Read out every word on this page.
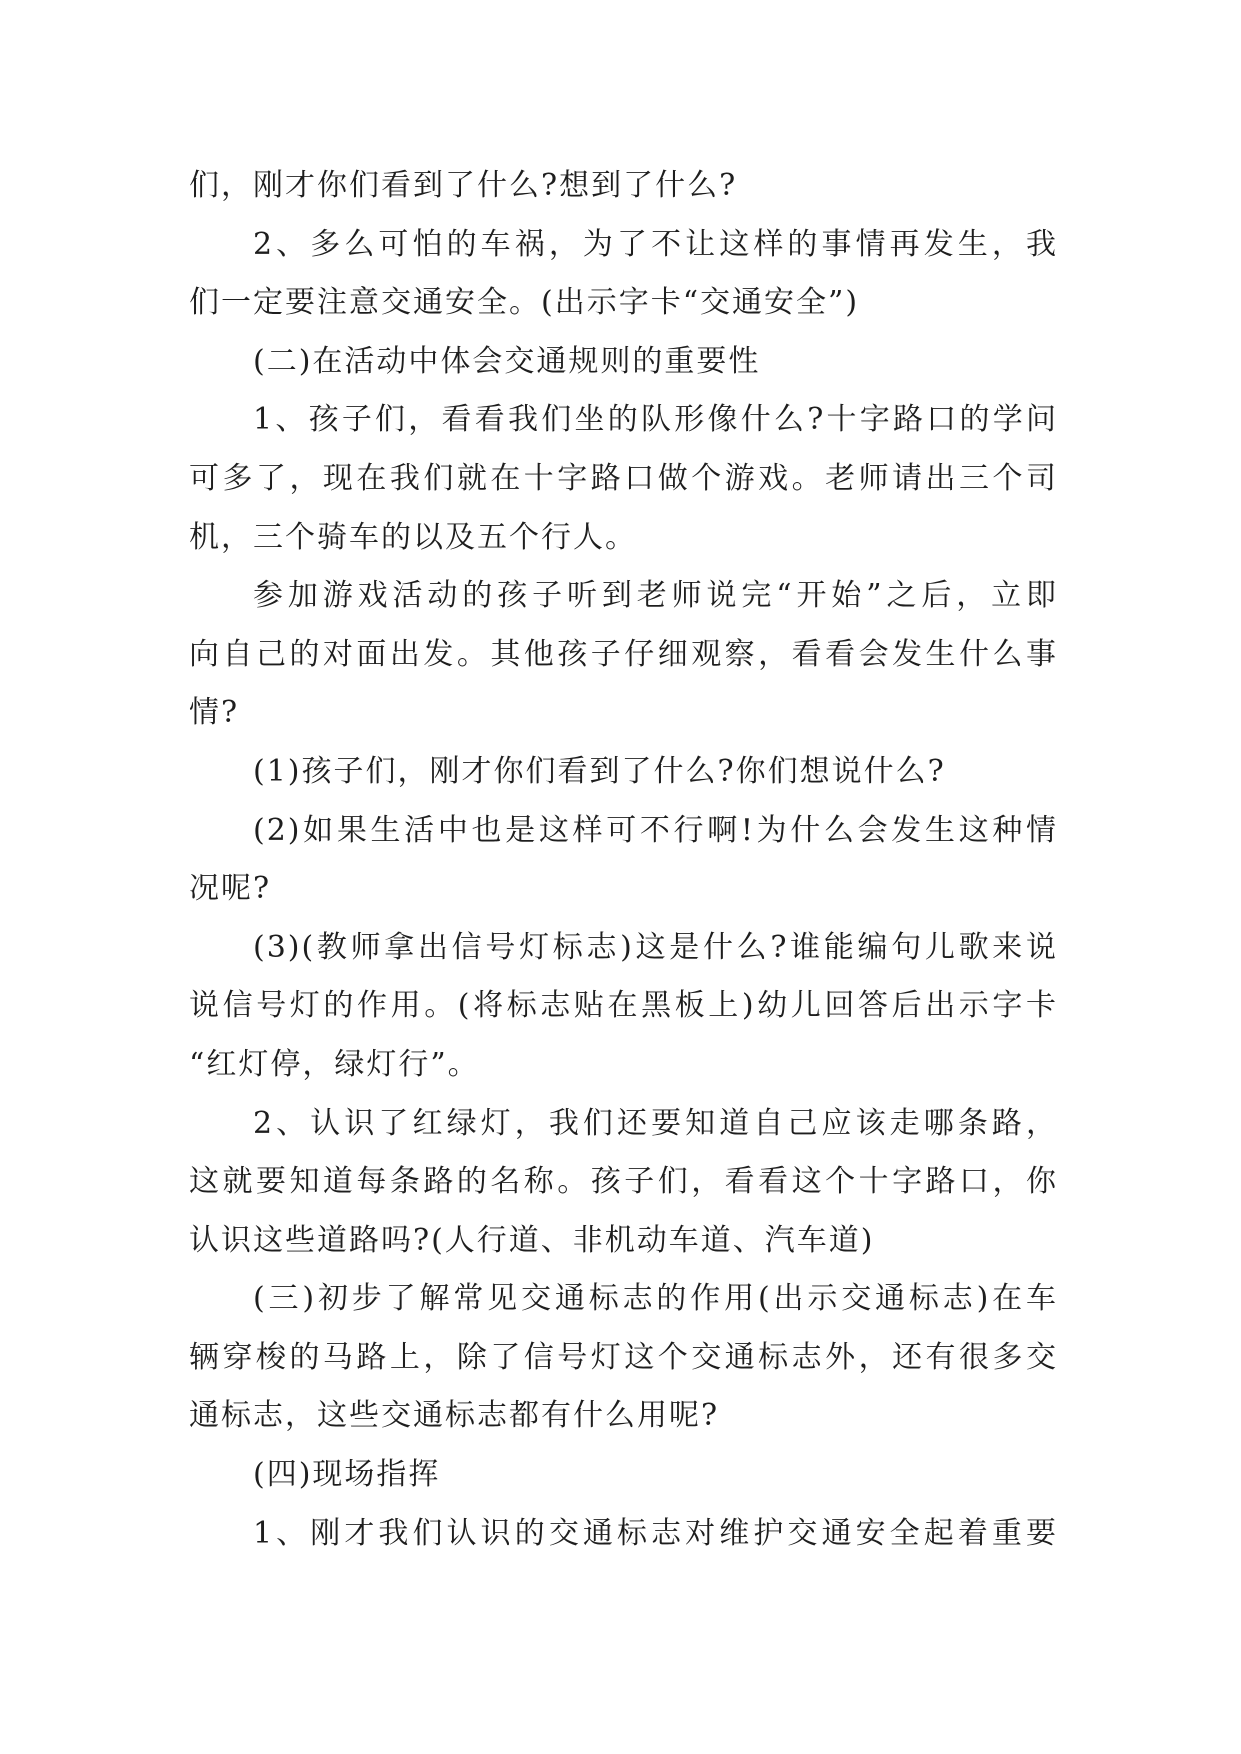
们，刚才你们看到了什么?想到了什么?
2、多么可怕的车祸，为了不让这样的事情再发生，我
们一定要注意交通安全。(出示字卡“交通安全”)
(二)在活动中体会交通规则的重要性
1、孩子们，看看我们坐的队形像什么?十字路口的学问
可多了，现在我们就在十字路口做个游戏。老师请出三个司
机，三个骑车的以及五个行人。
参加游戏活动的孩子听到老师说完“开始”之后，立即
向自己的对面出发。其他孩子仔细观察，看看会发生什么事
情?
(1)孩子们，刚才你们看到了什么?你们想说什么?
(2)如果生活中也是这样可不行啊!为什么会发生这种情
况呢?
(3)(教师拿出信号灯标志)这是什么?谁能编句儿歌来说
说信号灯的作用。(将标志贴在黑板上)幼儿回答后出示字卡
“红灯停，绿灯行”。
2、认识了红绿灯，我们还要知道自己应该走哪条路，
这就要知道每条路的名称。孩子们，看看这个十字路口，你
认识这些道路吗?(人行道、非机动车道、汽车道)
(三)初步了解常见交通标志的作用(出示交通标志)在车
辆穿梭的马路上，除了信号灯这个交通标志外，还有很多交
通标志，这些交通标志都有什么用呢?
(四)现场指挥
1、刚才我们认识的交通标志对维护交通安全起着重要
